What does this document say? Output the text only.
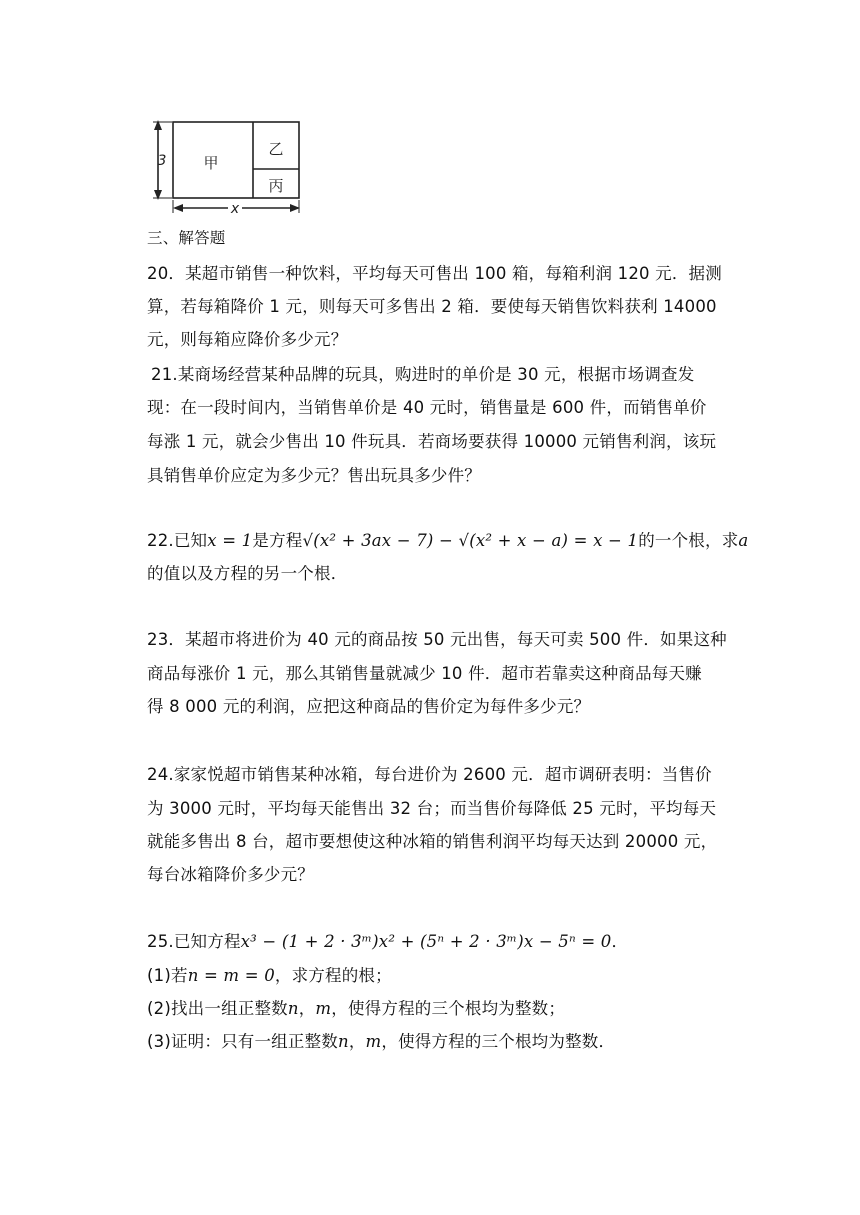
3 甲
乙
丙
x
三、解答题
20．某超市销售一种饮料，平均每天可售出 100 箱，每箱利润 120 元．据测
算，若每箱降价 1 元，则每天可多售出 2 箱．要使每天销售饮料获利 14000
元，则每箱应降价多少元？
21.某商场经营某种品牌的玩具，购进时的单价是 30 元，根据市场调查发
现：在一段时间内，当销售单价是 40 元时，销售量是 600 件，而销售单价
每涨 1 元，就会少售出 10 件玩具．若商场要获得 10000 元销售利润，该玩
具销售单价应定为多少元？售出玩具多少件？
22.已知x = 1是方程√(x² + 3ax − 7) − √(x² + x − a) = x − 1的一个根，求a
的值以及方程的另一个根．
23．某超市将进价为 40 元的商品按 50 元出售，每天可卖 500 件．如果这种
商品每涨价 1 元，那么其销售量就减少 10 件．超市若靠卖这种商品每天赚
得 8 000 元的利润，应把这种商品的售价定为每件多少元？
24.家家悦超市销售某种冰箱，每台进价为 2600 元．超市调研表明：当售价
为 3000 元时，平均每天能售出 32 台；而当售价每降低 25 元时，平均每天
就能多售出 8 台，超市要想使这种冰箱的销售利润平均每天达到 20000 元，
每台冰箱降价多少元？
25.已知方程x³ − (1 + 2 · 3ᵐ)x² + (5ⁿ + 2 · 3ᵐ)x − 5ⁿ = 0．
(1)若n = m = 0，求方程的根；
(2)找出一组正整数n，m，使得方程的三个根均为整数；
(3)证明：只有一组正整数n，m，使得方程的三个根均为整数．
